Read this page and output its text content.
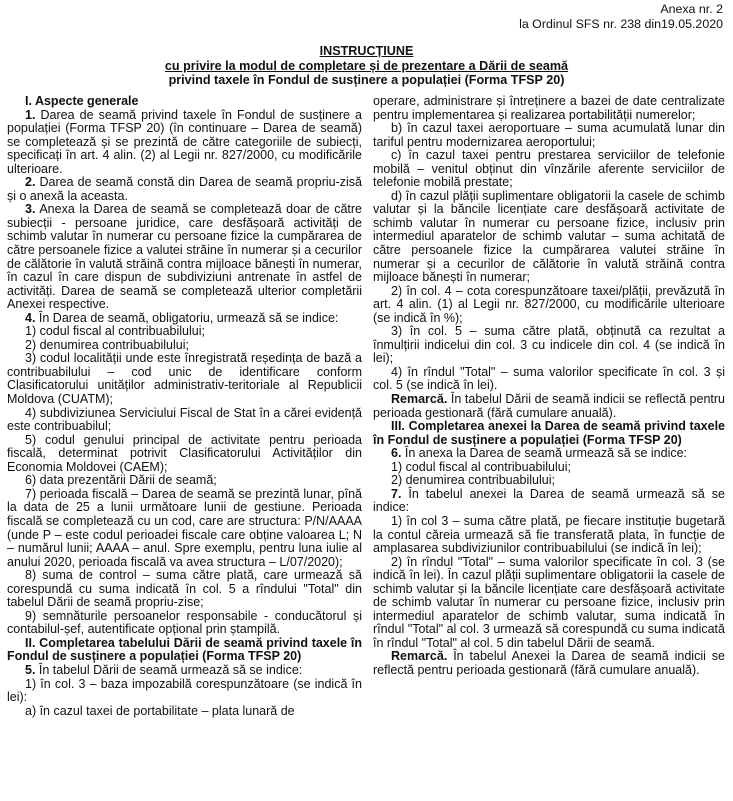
Anexa nr. 2
la Ordinul SFS nr. 238 din19.05.2020
INSTRUCȚIUNE
cu privire la modul de completare și de prezentare a Dării de seamă
privind taxele în Fondul de susținere a populației (Forma TFSP 20)

I. Aspecte generale

1. Darea de seamă privind taxele în Fondul de susținere a populației (Forma TFSP 20) (în continuare – Darea de seamă) se completează și se prezintă de către categoriile de subiecți, specificați în art. 4 alin. (2) al Legii nr. 827/2000, cu modificările ulterioare.

2. Darea de seamă constă din Darea de seamă propriu-zisă și o anexă la aceasta.

3. Anexa la Darea de seamă se completează doar de către subiecții - persoane juridice, care desfășoară activități de schimb valutar în numerar cu persoane fizice la cumpărarea de către persoanele fizice a valutei străine în numerar și a cecurilor de călătorie în valută străină contra mijloace bănești în numerar, în cazul în care dispun de subdiviziuni antrenate în astfel de activități. Darea de seamă se completează ulterior completării Anexei respective.

4. În Darea de seamă, obligatoriu, urmează să se indice:

1) codul fiscal al contribuabilului;

2) denumirea contribuabilului;

3) codul localității unde este înregistrată reședința de bază a contribuabilului – cod unic de identificare conform Clasificatorului unităților administrativ-teritoriale al Republicii Moldova (CUATM);

4) subdiviziunea Serviciului Fiscal de Stat în a cărei evidență este contribuabilul;

5) codul genului principal de activitate pentru perioada fiscală, determinat potrivit Clasificatorului Activităților din Economia Moldovei (CAEM);

6) data prezentării Dării de seamă;

7) perioada fiscală – Darea de seamă se prezintă lunar, pînă la data de 25 a lunii următoare lunii de gestiune. Perioada fiscală se completează cu un cod, care are structura: P/N/AAAA (unde P – este codul perioadei fiscale care obține valoarea L; N – numărul lunii; AAAA – anul. Spre exemplu, pentru luna iulie al anului 2020, perioada fiscală va avea structura – L/07/2020);

8) suma de control – suma către plată, care urmează să corespundă cu suma indicată în col. 5 a rîndului "Total" din tabelul Dării de seamă propriu-zise;

9) semnăturile persoanelor responsabile - conducătorul și contabilul-șef, autentificate opțional prin ștampilă.

II. Completarea tabelului Dării de seamă privind taxele în Fondul de susținere a populației (Forma TFSP 20)

5. În tabelul Dării de seamă urmează să se indice:

1) în col. 3 – baza impozabilă corespunzătoare (se indică în lei):

a) în cazul taxei de portabilitate – plata lunară de

operare, administrare și întreținere a bazei de date centralizate pentru implementarea și realizarea portabilității numerelor;

b) în cazul taxei aeroportuare – suma acumulată lunar din tariful pentru modernizarea aeroportului;

c) în cazul taxei pentru prestarea serviciilor de telefonie mobilă – venitul obținut din vînzările aferente serviciilor de telefonie mobilă prestate;

d) în cazul plății suplimentare obligatorii la casele de schimb valutar și la băncile licențiate care desfășoară activitate de schimb valutar în numerar cu persoane fizice, inclusiv prin intermediul aparatelor de schimb valutar – suma achitată de către persoanele fizice la cumpărarea valutei străine în numerar și a cecurilor de călătorie în valută străină contra mijloace bănești în numerar;

2) în col. 4 – cota corespunzătoare taxei/plății, prevăzută în art. 4 alin. (1) al Legii nr. 827/2000, cu modificările ulterioare (se indică în %);

3) în col. 5 – suma către plată, obținută ca rezultat a înmulțirii indicelui din col. 3 cu indicele din col. 4 (se indică în lei);

4) în rîndul "Total" – suma valorilor specificate în col. 3 și col. 5 (se indică în lei).

Remarcă. În tabelul Dării de seamă indicii se reflectă pentru perioada gestionară (fără cumulare anuală).

III. Completarea anexei la Darea de seamă privind taxele în Fondul de susținere a populației (Forma TFSP 20)

6. În anexa la Darea de seamă urmează să se indice:

1) codul fiscal al contribuabilului;

2) denumirea contribuabilului;

7. În tabelul anexei la Darea de seamă urmează să se indice:

1) în col 3 – suma către plată, pe fiecare instituție bugetară la contul căreia urmează să fie transferată plata, în funcție de amplasarea subdiviziunilor contribuabilului (se indică în lei);

2) în rîndul "Total" – suma valorilor specificate în col. 3 (se indică în lei). În cazul plății suplimentare obligatorii la casele de schimb valutar și la băncile licențiate care desfășoară activitate de schimb valutar în numerar cu persoane fizice, inclusiv prin intermediul aparatelor de schimb valutar, suma indicată în rîndul "Total" al col. 3 urmează să corespundă cu suma indicată în rîndul "Total" al col. 5 din tabelul Dării de seamă.

Remarcă. În tabelul Anexei la Darea de seamă indicii se reflectă pentru perioada gestionară (fără cumulare anuală).
